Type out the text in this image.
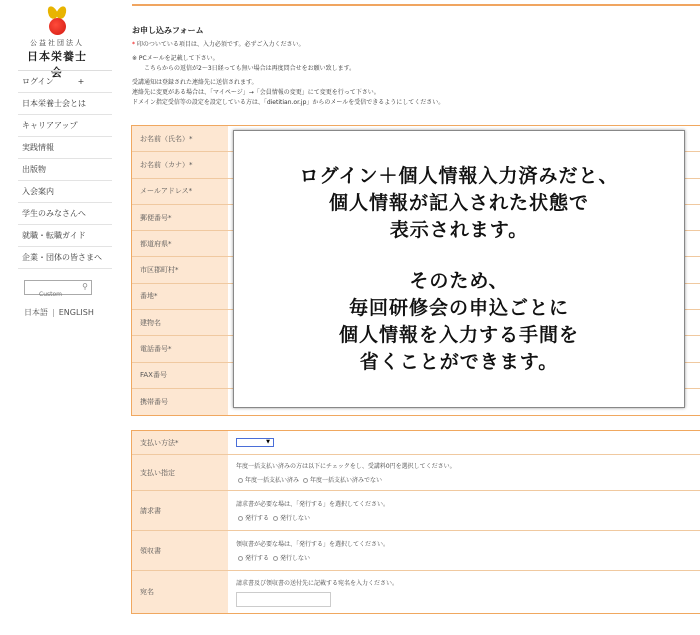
公益社団法人
日本栄養士会
ログイン	+
日本栄養士会とは
キャリアアップ
実践情報
出版物
入会案内
学生のみなさんへ
就職・転職ガイド
企業・団体の皆さまへ
Custom
⚲
日本語 | ENGLISH
お申し込みフォーム

* 印のついている項目は、入力必須です。必ずご入力ください。

※ PCメールを記載して下さい。

こちらからの返信が2～3日経っても無い場合は再度問合せをお願い致します。

受講通知は登録された連絡先に送信されます。

連絡先に変更がある場合は、「マイページ」→「会員情報の変更」にて変更を行って下さい。

ドメイン指定受信等の設定を設定している方は、「dietitian.or.jp」からのメールを受信できるようにしてください。

お名前（氏名）*
お名前（カナ）*
メールアドレス*
郵便番号*
都道府県*
市区郡町村*
番地*
建物名
電話番号*
FAX番号
携帯番号
支払い方法*	▼
支払い指定
年度一括支払い済みの方は以下にチェックをし、受講料0円を選択してください。
年度一括支払い済み 年度一括支払い済みでない
請求書
請求書が必要な場は、「発行する」を選択してください。
発行する 発行しない
領収書
領収書が必要な場は、「発行する」を選択してください。
発行する 発行しない
宛名
請求書及び領収書の送付先に記載する宛名を入力ください。

ログイン＋個人情報入力済みだと、

個人情報が記入された状態で

表示されます。

そのため、

毎回研修会の申込ごとに

個人情報を入力する手間を

省くことができます。
